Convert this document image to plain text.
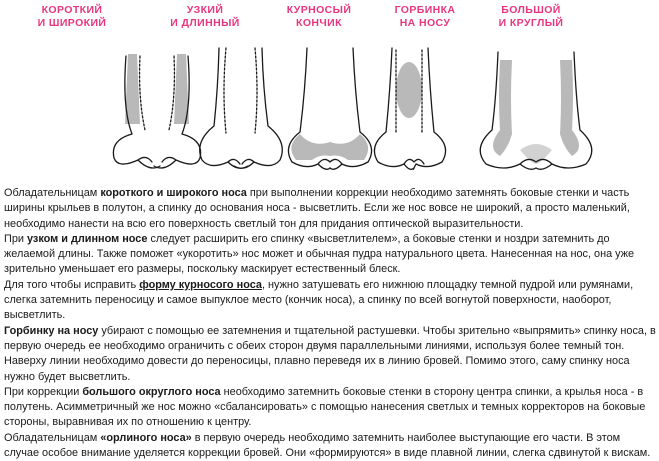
КОРОТКИЙ
И ШИРОКИЙ
УЗКИЙ
И ДЛИННЫЙ
КУРНОСЫЙ
КОНЧИК
ГОРБИНКА
НА НОСУ
БОЛЬШОЙ
И КРУГЛЫЙ

Обладательницам короткого и широкого носа при выполнении коррекции необходимо затемнять боковые стенки и часть ширины крыльев в полутон, а спинку до основания носа - высветлить. Если же нос вовсе не широкий, а просто маленький, необходимо нанести на всю его поверхность светлый тон для придания оптической выразительности.

При узком и длинном носе следует расширить его спинку «высветлителем», а боковые стенки и ноздри затемнить до желаемой длины. Также поможет «укоротить» нос может и обычная пудра натурального цвета. Нанесенная на нос, она уже зрительно уменьшает его размеры, поскольку маскирует естественный блеск.

Для того чтобы исправить форму курносого носа, нужно затушевать его нижнюю площадку темной пудрой или румянами, слегка затемнить переносицу и самое выпуклое место (кончик носа), а спинку по всей вогнутой поверхности, наоборот, высветлить.

Горбинку на носу убирают с помощью ее затемнения и тщательной растушевки. Чтобы зрительно «выпрямить» спинку носа, в первую очередь ее необходимо ограничить с обеих сторон двумя параллельными линиями, используя более темный тон. Наверху линии необходимо довести до переносицы, плавно переведя их в линию бровей. Помимо этого, саму спинку носа нужно будет высветлить.

При коррекции большого округлого носа необходимо затемнить боковые стенки в сторону центра спинки, а крылья носа - в полутень. Асимметричный же нос можно «сбалансировать» с помощью нанесения светлых и темных корректоров на боковые стороны, выравнивая их по отношению к центру.

Обладательницам «орлиного носа» в первую очередь необходимо затемнить наиболее выступающие его части. В этом случае особое внимание уделяется коррекции бровей. Они «формируются» в виде плавной линии, слегка сдвинутой к вискам.
